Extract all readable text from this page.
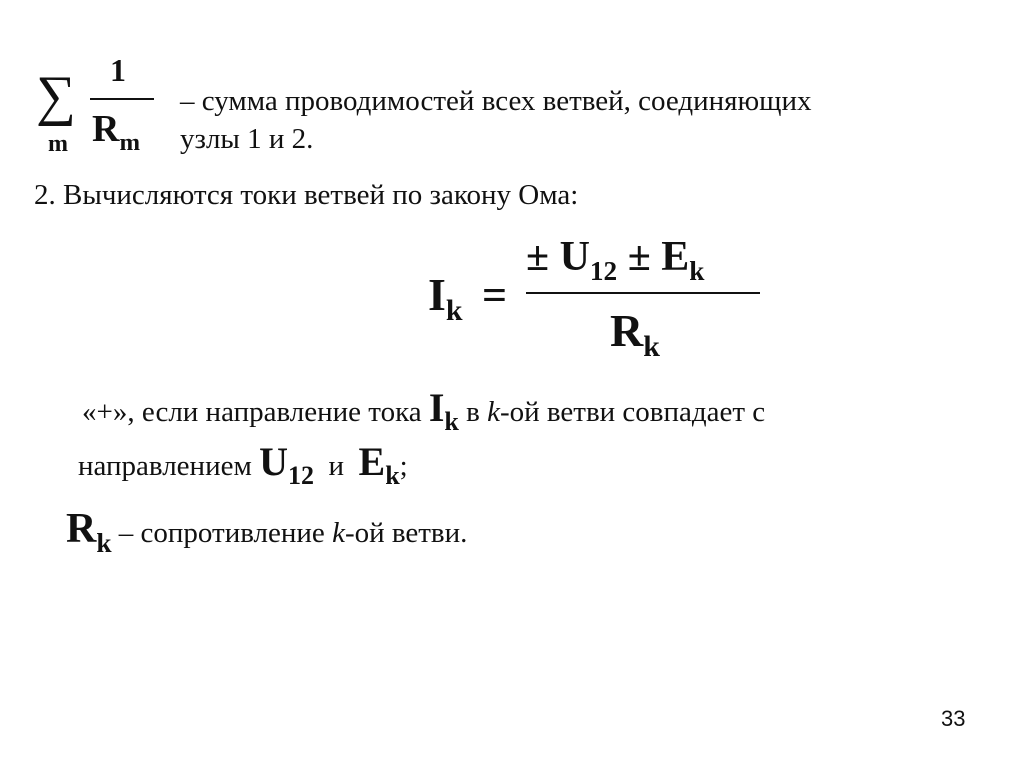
∑
m
1
$R_m$
– сумма проводимостей всех ветвей, соединяющих
узлы 1 и 2.
2. Вычисляются токи ветвей по закону Ома:
$I_k$ =
± $U_{12} \pm E_k$
$R_k$
«+», если направление тока $I_k$ в k-ой ветви совпадает с
направлением $U_{12}$  и  $E_k$;
$R_k$ – сопротивление k-ой ветви.
33
